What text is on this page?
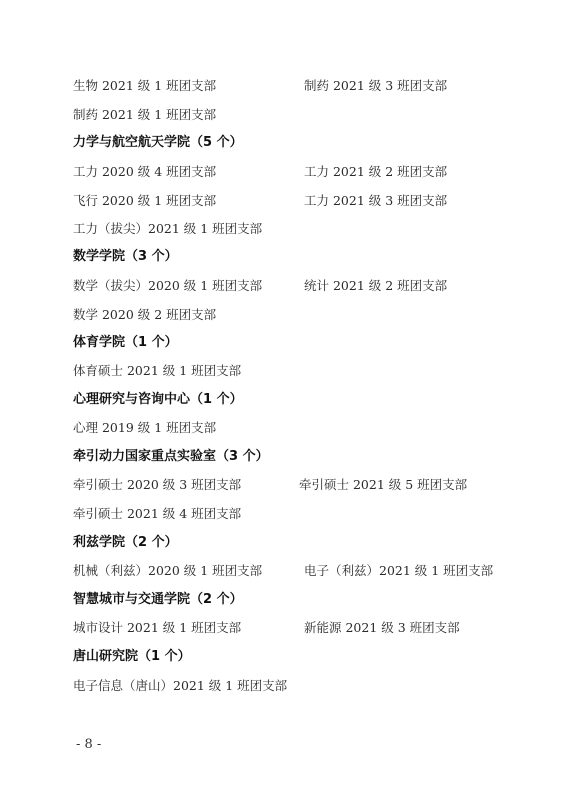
生物 2021 级 1 班团支部	制药 2021 级 3 班团支部
制药 2021 级 1 班团支部
力学与航空航天学院（5 个）
工力 2020 级 4 班团支部	工力 2021 级 2 班团支部
飞行 2020 级 1 班团支部	工力 2021 级 3 班团支部
工力（拔尖）2021 级 1 班团支部
数学学院（3 个）
数学（拔尖）2020 级 1 班团支部	统计 2021 级 2 班团支部
数学 2020 级 2 班团支部
体育学院（1 个）
体育硕士 2021 级 1 班团支部
心理研究与咨询中心（1 个）
心理 2019 级 1 班团支部
牵引动力国家重点实验室（3 个）
牵引硕士 2020 级 3 班团支部	牵引硕士 2021 级 5 班团支部
牵引硕士 2021 级 4 班团支部
利兹学院（2 个）
机械（利兹）2020 级 1 班团支部	电子（利兹）2021 级 1 班团支部
智慧城市与交通学院（2 个）
城市设计 2021 级 1 班团支部	新能源 2021 级 3 班团支部
唐山研究院（1 个）
电子信息（唐山）2021 级 1 班团支部
- 8 -
